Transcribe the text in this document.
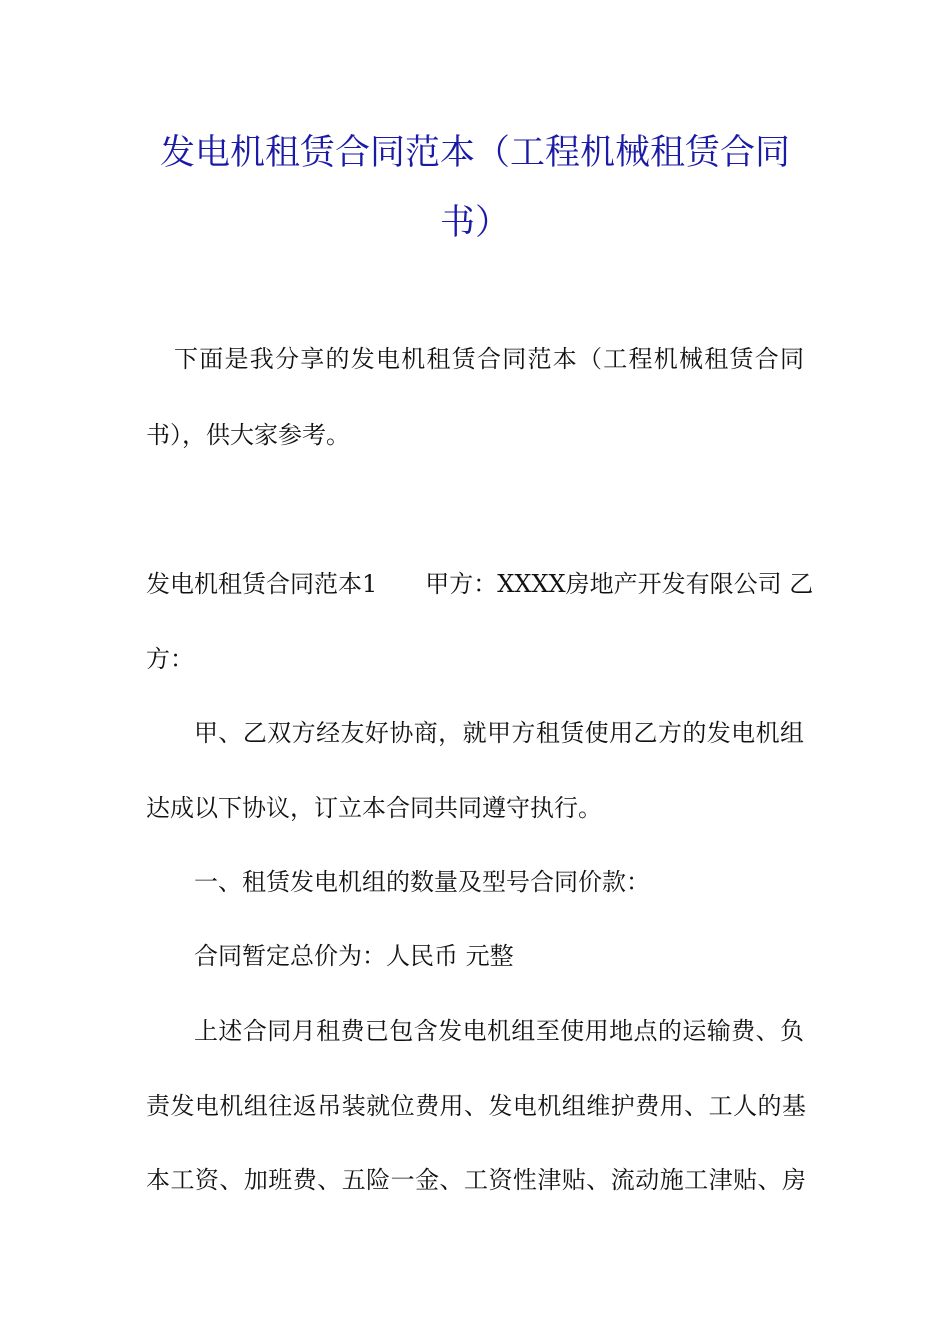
发电机租赁合同范本（工程机械租赁合同
书）
下面是我分享的发电机租赁合同范本（工程机械租赁合同
书），供大家参考。
发电机租赁合同范本1　　甲方：XXXX房地产开发有限公司 乙
方：
甲、乙双方经友好协商，就甲方租赁使用乙方的发电机组
达成以下协议，订立本合同共同遵守执行。
一、租赁发电机组的数量及型号合同价款：
合同暂定总价为：人民币 元整
上述合同月租费已包含发电机组至使用地点的运输费、负
责发电机组往返吊装就位费用、发电机组维护费用、工人的基
本工资、加班费、五险一金、工资性津贴、流动施工津贴、房
